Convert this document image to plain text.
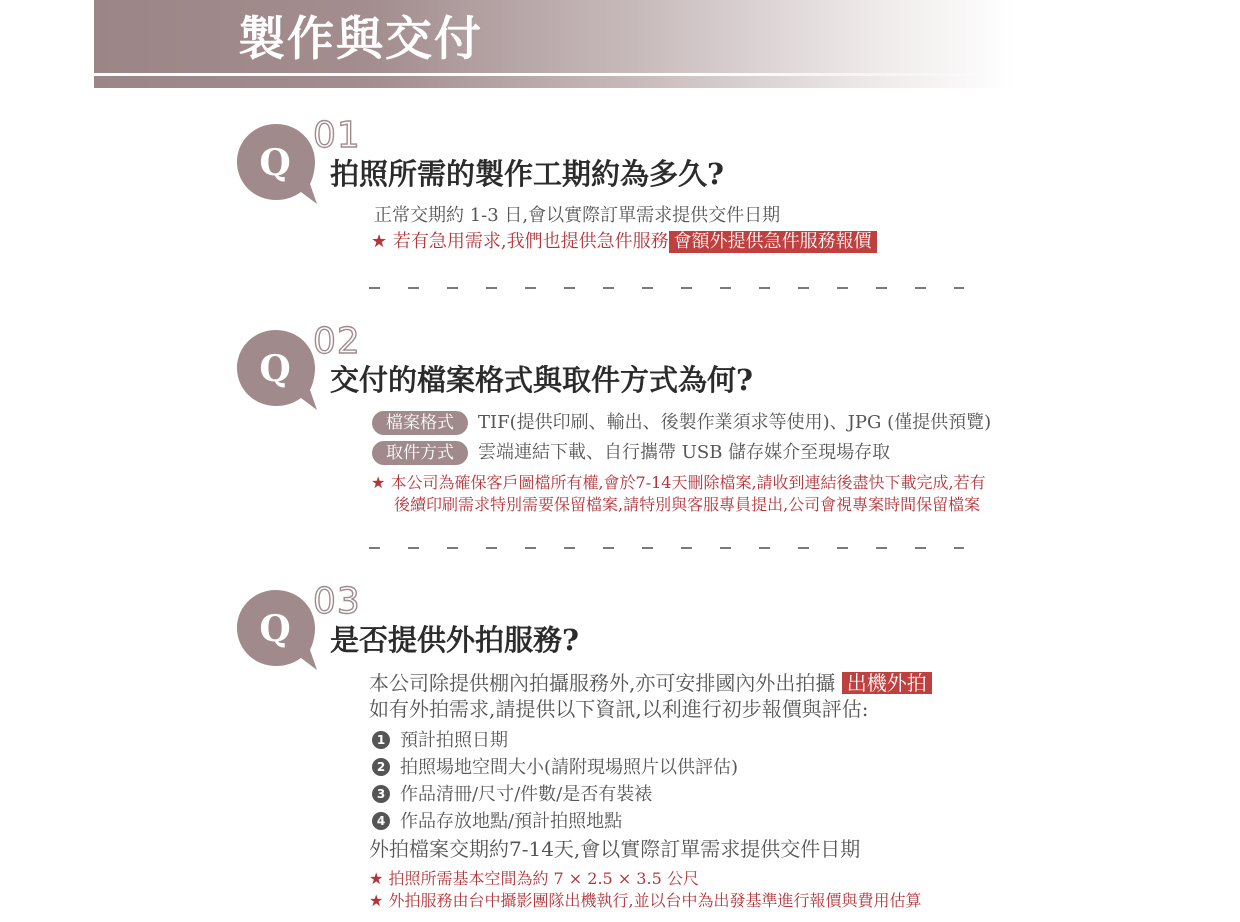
製作與交付
Q
01
拍照所需的製作工期約為多久?
正常交期約 1-3 日,會以實際訂單需求提供交件日期
★ 若有急用需求,我們也提供急件服務 會額外提供急件服務報價
Q
02
交付的檔案格式與取件方式為何?
檔案格式 TIF(提供印刷、輸出、後製作業須求等使用)、JPG (僅提供預覽)
取件方式 雲端連結下載、自行攜帶 USB 儲存媒介至現場存取
★ 本公司為確保客戶圖檔所有權,會於7-14天刪除檔案,請收到連結後盡快下載完成,若有
後續印刷需求特別需要保留檔案,請特別與客服專員提出,公司會視專案時間保留檔案
Q
03
是否提供外拍服務?
本公司除提供棚內拍攝服務外,亦可安排國內外出拍攝 出機外拍
如有外拍需求,請提供以下資訊,以利進行初步報價與評估:
1 預計拍照日期
2 拍照場地空間大小(請附現場照片以供評估)
3 作品清冊/尺寸/件數/是否有裝裱
4 作品存放地點/預計拍照地點
外拍檔案交期約7-14天,會以實際訂單需求提供交件日期
★ 拍照所需基本空間為約 7 × 2.5 × 3.5 公尺
★ 外拍服務由台中攝影團隊出機執行,並以台中為出發基準進行報價與費用估算
